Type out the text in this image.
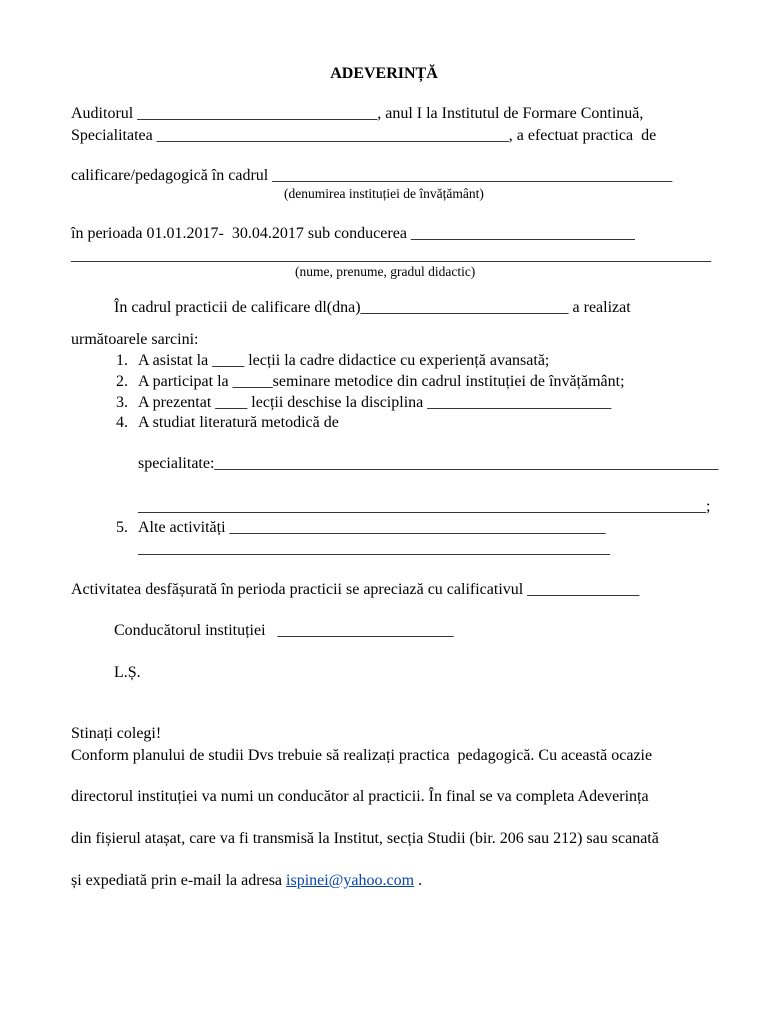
ADEVERINȚĂ
Auditorul ______________________________, anul I la Institutul de Formare Continuă,
Specialitatea ____________________________________________, a efectuat practica  de
calificare/pedagogică în cadrul __________________________________________________
(denumirea instituției de învățământ)
în perioada 01.01.2017-  30.04.2017 sub conducerea ____________________________
________________________________________________________________________________
(nume, prenume, gradul didactic)
În cadrul practicii de calificare dl(dna)__________________________ a realizat
următoarele sarcini:
1. A asistat la ____ lecții la cadre didactice cu experiență avansată;
2. A participat la _____seminare metodice din cadrul instituției de învățământ;
3. A prezentat ____ lecții deschise la disciplina _______________________
4. A studiat literatură metodică de
specialitate:_______________________________________________________________
_______________________________________________________________________;
5. Alte activități _______________________________________________
___________________________________________________________
Activitatea desfășurată în perioda practicii se apreciază cu calificativul ______________
Conducătorul instituției   ______________________
L.Ș.
Stinați colegi!
Conform planului de studii Dvs trebuie să realizați practica  pedagogică. Cu această ocazie
directorul instituției va numi un conducător al practicii. În final se va completa Adeverința
din fișierul atașat, care va fi transmisă la Institut, secția Studii (bir. 206 sau 212) sau scanată
și expediată prin e-mail la adresa ispinei@yahoo.com .
